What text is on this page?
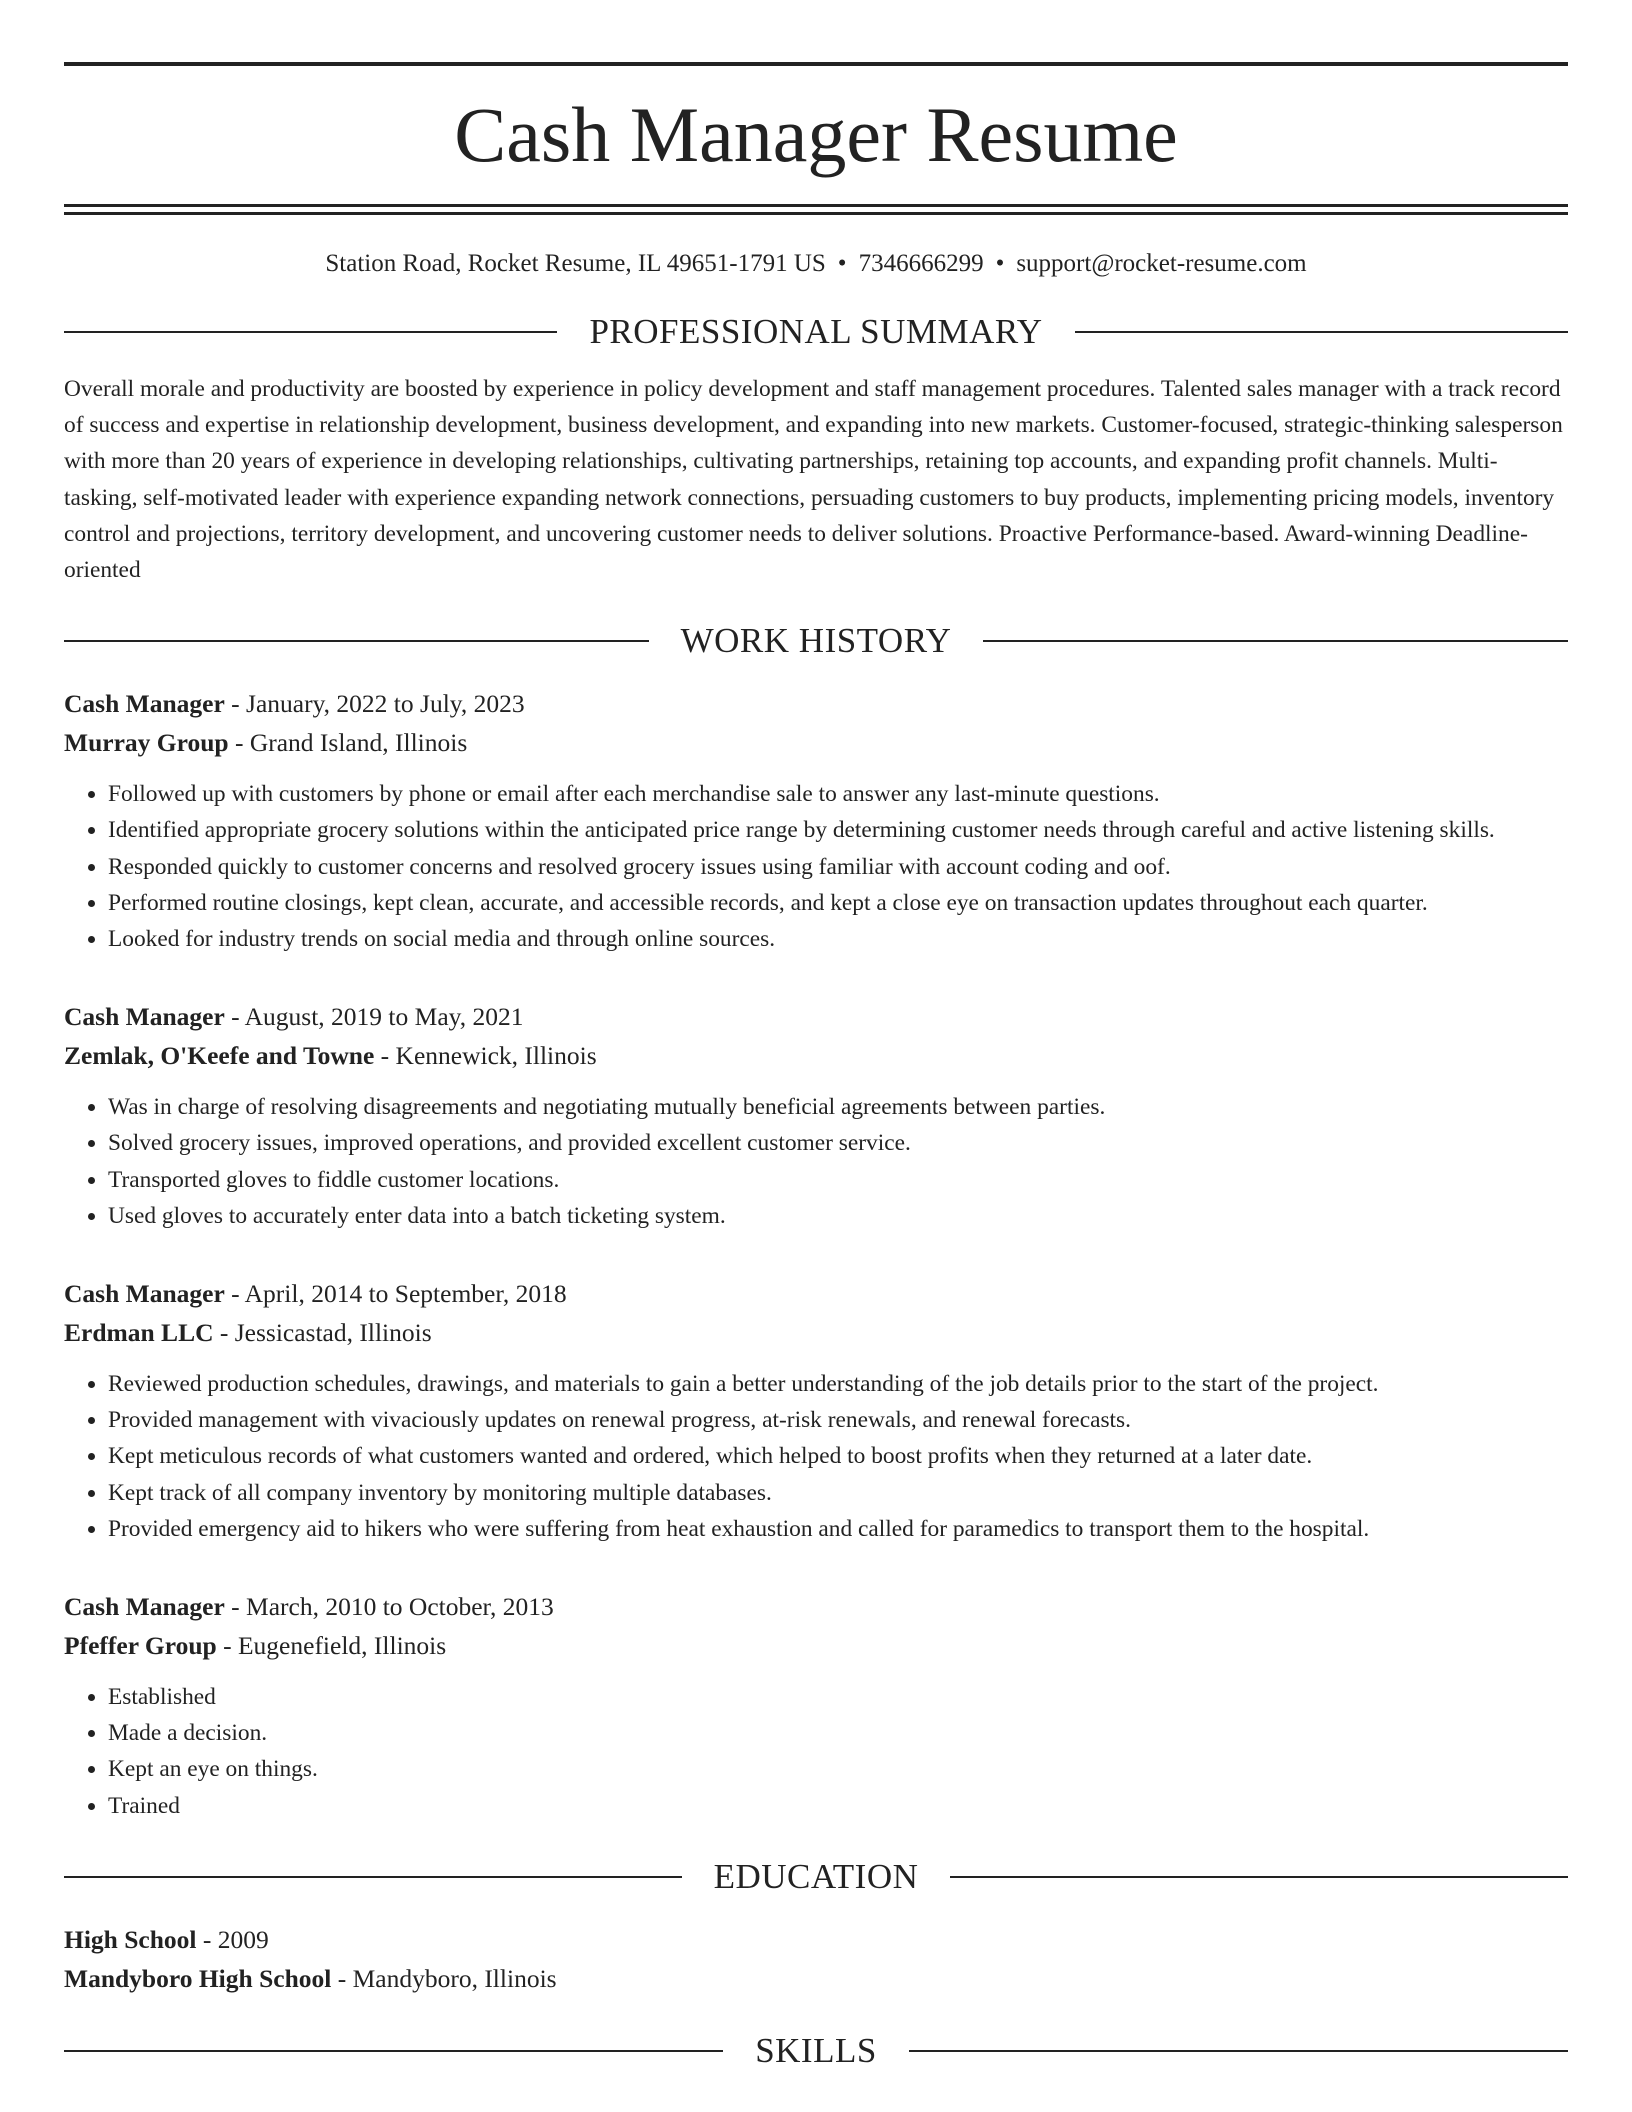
Cash Manager Resume
Station Road, Rocket Resume, IL 49651-1791 US • 7346666299 • support@rocket-resume.com
PROFESSIONAL SUMMARY
Overall morale and productivity are boosted by experience in policy development and staff management procedures. Talented sales manager with a track record of success and expertise in relationship development, business development, and expanding into new markets. Customer-focused, strategic-thinking salesperson with more than 20 years of experience in developing relationships, cultivating partnerships, retaining top accounts, and expanding profit channels. Multi-tasking, self-motivated leader with experience expanding network connections, persuading customers to buy products, implementing pricing models, inventory control and projections, territory development, and uncovering customer needs to deliver solutions. Proactive Performance-based. Award-winning Deadline-oriented
WORK HISTORY
Cash Manager - January, 2022 to July, 2023
Murray Group - Grand Island, Illinois
• Followed up with customers by phone or email after each merchandise sale to answer any last-minute questions.
• Identified appropriate grocery solutions within the anticipated price range by determining customer needs through careful and active listening skills.
• Responded quickly to customer concerns and resolved grocery issues using familiar with account coding and oof.
• Performed routine closings, kept clean, accurate, and accessible records, and kept a close eye on transaction updates throughout each quarter.
• Looked for industry trends on social media and through online sources.
Cash Manager - August, 2019 to May, 2021
Zemlak, O'Keefe and Towne - Kennewick, Illinois
• Was in charge of resolving disagreements and negotiating mutually beneficial agreements between parties.
• Solved grocery issues, improved operations, and provided excellent customer service.
• Transported gloves to fiddle customer locations.
• Used gloves to accurately enter data into a batch ticketing system.
Cash Manager - April, 2014 to September, 2018
Erdman LLC - Jessicastad, Illinois
• Reviewed production schedules, drawings, and materials to gain a better understanding of the job details prior to the start of the project.
• Provided management with vivaciously updates on renewal progress, at-risk renewals, and renewal forecasts.
• Kept meticulous records of what customers wanted and ordered, which helped to boost profits when they returned at a later date.
• Kept track of all company inventory by monitoring multiple databases.
• Provided emergency aid to hikers who were suffering from heat exhaustion and called for paramedics to transport them to the hospital.
Cash Manager - March, 2010 to October, 2013
Pfeffer Group - Eugenefield, Illinois
• Established
• Made a decision.
• Kept an eye on things.
• Trained
EDUCATION
High School - 2009
Mandyboro High School - Mandyboro, Illinois
SKILLS
